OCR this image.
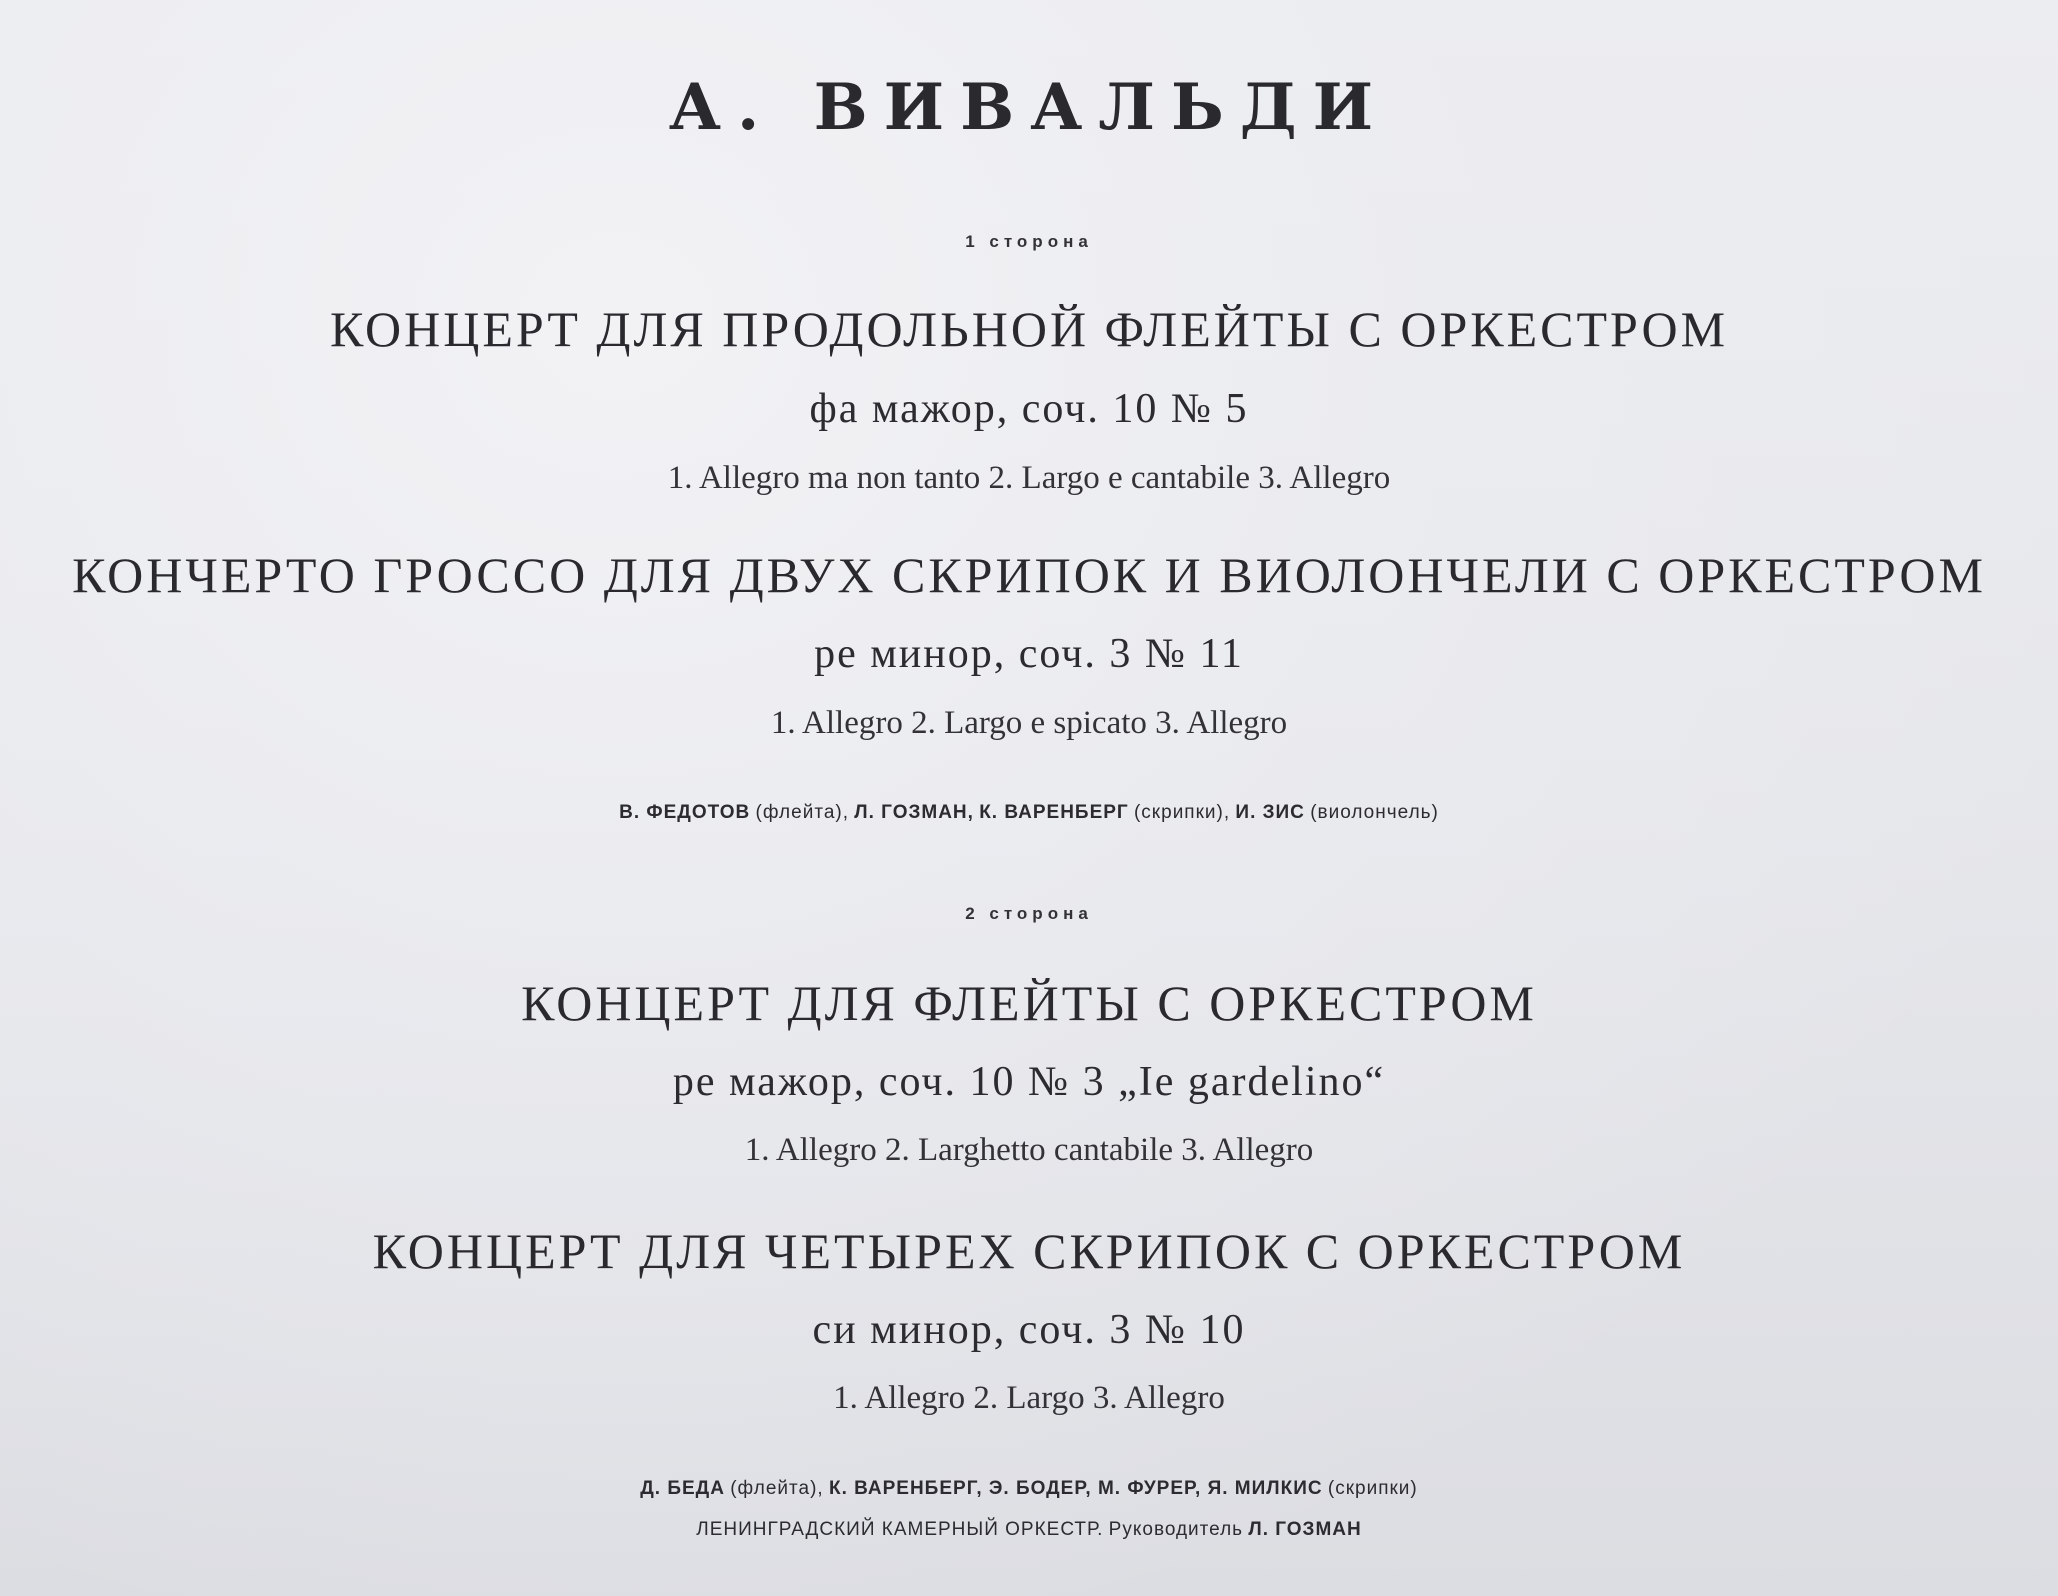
А. ВИВАЛЬДИ
1 сторона
КОНЦЕРТ ДЛЯ ПРОДОЛЬНОЙ ФЛЕЙТЫ С ОРКЕСТРОМ
фа мажор, соч. 10 № 5
1. Allegro ma non tanto 2. Largo e cantabile 3. Allegro
КОНЧЕРТО ГРОССО ДЛЯ ДВУХ СКРИПОК И ВИОЛОНЧЕЛИ С ОРКЕСТРОМ
ре минор, соч. 3 № 11
1. Allegro 2. Largo e spicato 3. Allegro
В. ФЕДОТОВ (флейта), Л. ГОЗМАН, К. ВАРЕНБЕРГ (скрипки), И. ЗИС (виолончель)
2 сторона
КОНЦЕРТ ДЛЯ ФЛЕЙТЫ С ОРКЕСТРОМ
ре мажор, соч. 10 № 3 „Ie gardelino“
1. Allegro 2. Larghetto cantabile 3. Allegro
КОНЦЕРТ ДЛЯ ЧЕТЫРЕХ СКРИПОК С ОРКЕСТРОМ
си минор, соч. 3 № 10
1. Allegro 2. Largo 3. Allegro
Д. БЕДА (флейта), К. ВАРЕНБЕРГ, Э. БОДЕР, М. ФУРЕР, Я. МИЛКИС (скрипки)
ЛЕНИНГРАДСКИЙ КАМЕРНЫЙ ОРКЕСТР. Руководитель Л. ГОЗМАН
